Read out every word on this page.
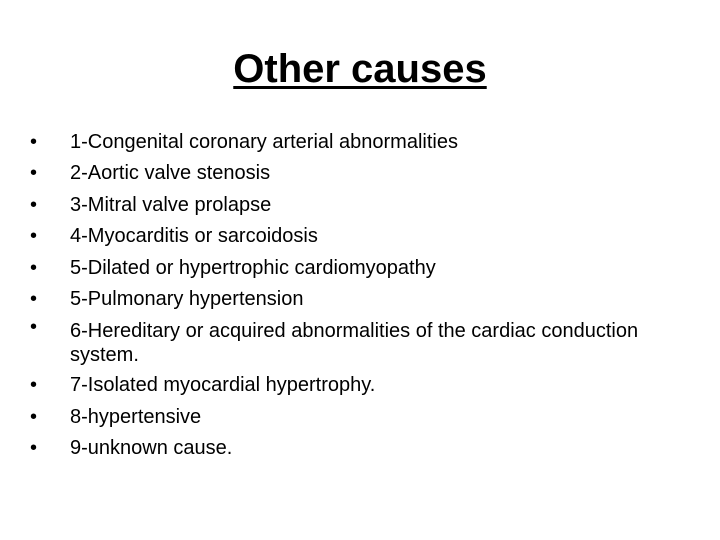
Other causes
•	1-Congenital coronary arterial abnormalities
•	2-Aortic valve stenosis
•	3-Mitral valve prolapse
•	4-Myocarditis or sarcoidosis
•	5-Dilated or hypertrophic cardiomyopathy
•	5-Pulmonary hypertension
•	6-Hereditary or acquired abnormalities of the cardiac conduction system.
•	7-Isolated myocardial hypertrophy.
•	8-hypertensive
•	9-unknown cause.
